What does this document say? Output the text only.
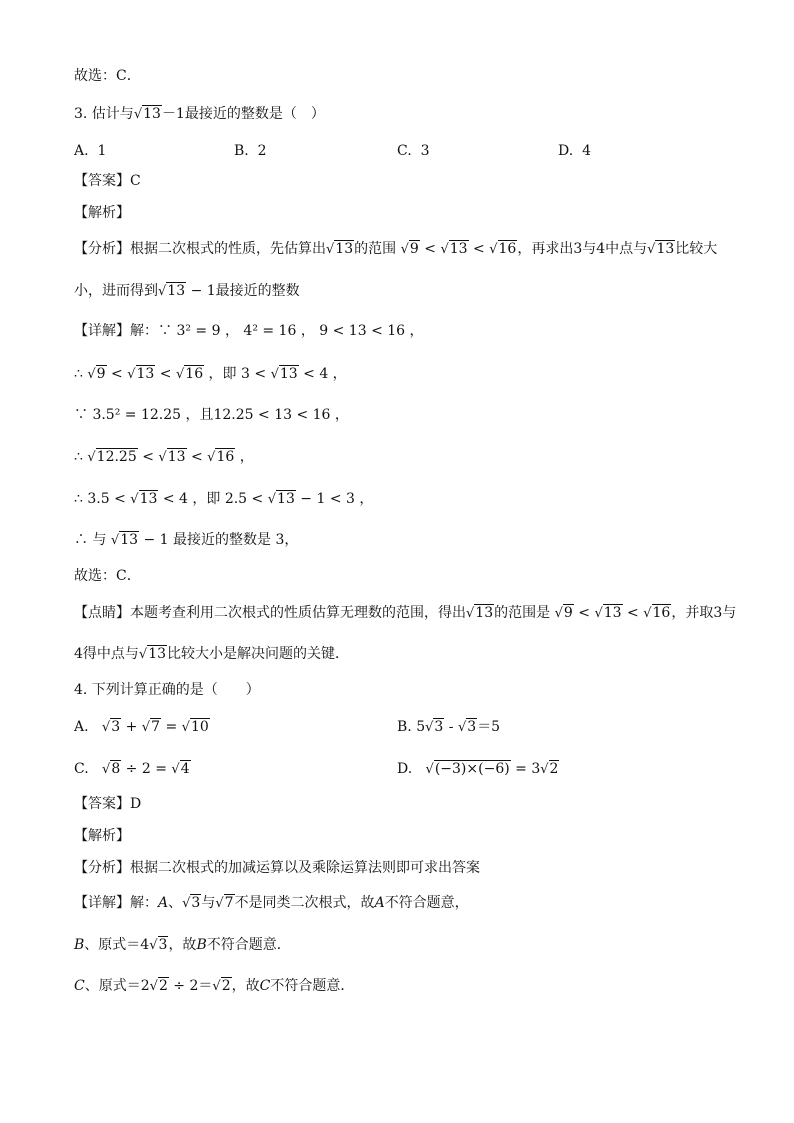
故选：C．
3. 估计与√13－1最接近的整数是（　）
A. 1	B. 2	C. 3	D. 4
【答案】C
【解析】
【分析】根据二次根式的性质，先估算出√13的范围 √9 < √13 < √16，再求出3与4中点与√13比较大
小，进而得到√13 − 1最接近的整数
【详解】解：∵ 3² = 9 ， 4² = 16 ， 9 < 13 < 16 ，
∴ √9 < √13 < √16 ，即 3 < √13 < 4 ，
∵ 3.5² = 12.25 ，且12.25 < 13 < 16 ，
∴ √12.25 < √13 < √16 ，
∴ 3.5 < √13 < 4 ，即 2.5 < √13 − 1 < 3 ，
∴ 与 √13 − 1 最接近的整数是 3，
故选：C．
【点睛】本题考查利用二次根式的性质估算无理数的范围，得出√13的范围是 √9 < √13 < √16，并取3与
4得中点与√13比较大小是解决问题的关键．
4. 下列计算正确的是（　　）
A.   √3 + √7 = √10	B. 5√3 - √3＝5
C.   √8 ÷ 2 = √4	D.   √(−3)×(−6) = 3√2
【答案】D
【解析】
【分析】根据二次根式的加减运算以及乘除运算法则即可求出答案
【详解】解：A、√3与√7不是同类二次根式，故A不符合题意，
B、原式＝4√3，故B不符合题意．
C、原式＝2√2 ÷ 2＝√2，故C不符合题意．
